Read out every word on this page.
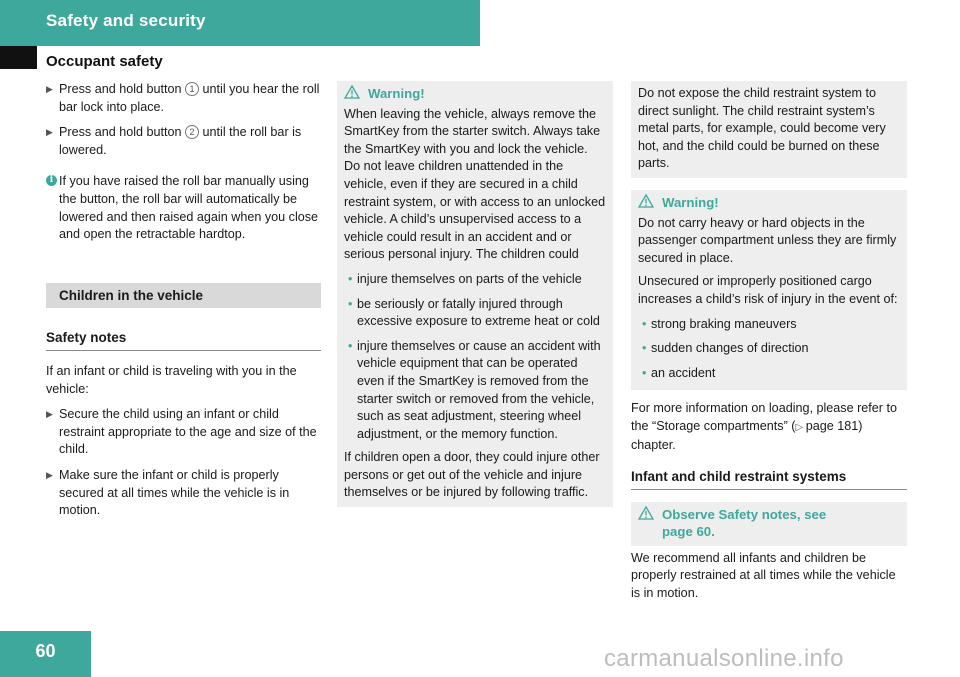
Safety and security
Occupant safety
▶ Press and hold button 1 until you hear the roll bar lock into place.
▶ Press and hold button 2 until the roll bar is lowered.
i If you have raised the roll bar manually using the button, the roll bar will automatically be lowered and then raised again when you close and open the retractable hardtop.
Children in the vehicle
Safety notes

If an infant or child is traveling with you in the vehicle:

▶ Secure the child using an infant or child restraint appropriate to the age and size of the child.
▶ Make sure the infant or child is properly secured at all times while the vehicle is in motion.
Warning!

When leaving the vehicle, always remove the SmartKey from the starter switch. Always take the SmartKey with you and lock the vehicle. Do not leave children unattended in the vehicle, even if they are secured in a child restraint system, or with access to an unlocked vehicle. A child’s unsupervised access to a vehicle could result in an accident and or serious personal injury. The children could

• injure themselves on parts of the vehicle
• be seriously or fatally injured through excessive exposure to extreme heat or cold
• injure themselves or cause an accident with vehicle equipment that can be operated even if the SmartKey is removed from the starter switch or removed from the vehicle, such as seat adjustment, steering wheel adjustment, or the memory function.

If children open a door, they could injure other persons or get out of the vehicle and injure themselves or be injured by following traffic.

Do not expose the child restraint system to direct sunlight. The child restraint system’s metal parts, for example, could become very hot, and the child could be burned on these parts.

Warning!

Do not carry heavy or hard objects in the passenger compartment unless they are firmly secured in place.

Unsecured or improperly positioned cargo increases a child’s risk of injury in the event of:

• strong braking maneuvers
• sudden changes of direction
• an accident

For more information on loading, please refer to the “Storage compartments” (▷  page 181) chapter.

Infant and child restraint systems
Observe Safety notes, see page 60.

We recommend all infants and children be properly restrained at all times while the vehicle is in motion.

60	carmanualsonline.info
